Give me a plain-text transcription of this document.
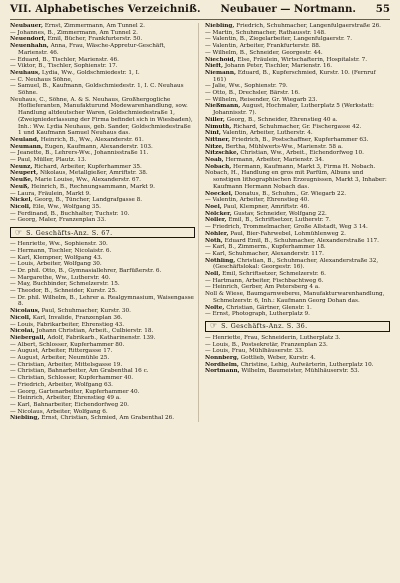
VII. Alphabetisches Verzeichniß. Neubauer — Nortmann. 55

Neubauer, Ernst, Zimmermann, Am Tunnel 2.

— Johannes, B., Zimmermann, Am Tunnel 2.

Neuendorf, Emil, Bücher, Frankfurterstr. 50.

Neuenhahn, Anna, Frau, Wäsche-Appretur-Geschäft, Marienstr. 46.

— Eduard, B., Tischler, Marienstr. 46.

— Viktor, B., Tischler, Sophienstr. 17.

Neuhaus, Lydia, Ww., Goldschmiedestr. 1, I.

— C. Neuhaus Söhne,

— Samuel, B., Kaufmann, Goldschmiedestr. 1, I. C. Neuhaus Söhne.

Neuhaus, C., Söhne, A. & S. Neuhaus, Großhergogliche Hoflieferanten, Manufakturund Modewarenhandlung, sow. Handlung altdeutscher Waren, Goldschmiedestraße 1, (Zweigniederlassung der Firma befindet sich in Wiesbaden), Inh.: Ww. Lydia Neuhaus, geb. Sander, Goldschmiedestraße 1 und Kaufmann Samuel Neuhaus das.

Neuland, Heinrich, B., Ww., Alexanderstr. 61.

Neumann, Eugen, Kaufmann, Alexanderstr. 103.

— Jeanette, B., Lehrers-Ww., Johannisstraße 11.

— Paul, Müller, Plautz. 13.

Neunz, Richard, Arbeiter, Kupferhammer 35.

Neupert, Nikolaus, Metallgießer, Amriftstr. 38.

Neuße, Marie Louise, Ww., Alexanderstr. 67.

Neuß, Heinrich, B., Rechnungsammann, Markt 9.

— Laura, Fräulein, Markt 9.

Nickel, Georg, B., Tüncher, Landgrafgasse 8.

Nicoll, Eile, Ww., Wolfgang 35.

— Ferdinand, B., Buchhalter, Tuchstr. 10.

— Georg, Maler, Franzenplan 33.

☞ S. Geschäfts-Anz. S. 67.

— Henriette, Ww., Sophienstr. 30.

— Hermann, Tischler, Nicolaistr. 6.

— Karl, Klempner, Wolfgang 43.

— Louis, Arbeiter, Wolfgang 30.

— Dr. phil. Otto, B., Gymnasiallehrer, Barfüßerstr. 6.

— Margarethe, Ww., Lutherstr. 40.

— May, Buchbinder, Schmelzerstr. 15.

— Theodor, B., Schneider, Kurstr. 25.

— Dr. phil. Wilhelm, B., Lehrer a. Realgymnasium, Waisengasse 8.

Nicolaus, Paul, Schuhmacher, Kurstr. 30.

Nicoll, Karl, Invalide, Franzenplan 36.

— Louis, Fabrikarbeiter, Ehrenstieg 43.

Nicolai, Johann Christian, Arbeit., Culbierstr. 18.

Niebergall, Adolf, Fabrikarb., Katharinenstr. 139.

— Albert, Schlosser, Kupferhammer 80.

— August, Arbeiter, Rittergasse 17.

— August, Arbeiter, Neumühle 25.

— Christian, Arbeiter, Mittelsgasse 19.

— Christian, Bahnarbeiter, Am Grabenthal 16 c.

— Christian, Schlosser, Kupferhammer 40.

— Friedrich, Arbeiter, Wolfgang 63.

— Georg, Gartenarbeiter, Kupferhammer 40.

— Heinrich, Arbeiter, Ehrenstieg 49 a.

— Karl, Bahnarbeiter, Eichendorfweg 20.

— Nicolaus, Arbeiter, Wolfgang 6.

Niebling, Ernst, Christian, Schmied, Am Grabenthal 26.

Niebling, Friedrich, Schuhmacher, Langenfulgaerstraße 26.

— Martin, Schuhmacher, Rathausstr. 148.

— Valentin, B., Ziegelarbeiter, Langenfulgaerstr. 7.

— Valentin, Arbeiter, Frankfurterstr. 88.

— Wilhelm, B., Schneider, Georgestr. 44.

Niechoid, Else, Fräulein, Wirtschafterin, Hospitalstr. 7.

Nieft, Johann Peter, Tischler, Marienstr. 16.

Niemann, Eduard, B., Kupferschmied, Kurstr. 10. (Fernruf 161)

— Jalie, Ww., Sophienstr. 79.

— Otto, B., Drechsler, Bärstr. 16.

— Wilhelm, Reisender, Gr. Wiegarb 23.

Nießmann, August, Hochmaler, Lutherplatz 5 (Werkstatt: Johannisstr. 7).

Niller, Georg, B., Schneider, Ehrenstieg 40 a.

Nimuth, Richard, Schuhmacher, Gr. Fischergasse 42.

Ninf, Valentin, Arbeiter, Lutherstr. 4.

Nittner, Friedrich, B., Postschaffner, Kupferhammer 63.

Nitze, Bertha, Mühlwerts-Ww., Marienstr. 58 a.

Nitzschke, Christian, Ww., Arbeit., Eichendorfweg 10.

Noab, Hermann, Arbeiter, Marienstr. 34.

Nobach, Hermann, Kaufmann, Markt 3, Firma H. Nobach.

Nobach, H., Handlung en gros mit Parfüm, Albuns und sonstigen lithographischen Erzeugnissen, Markt 3, Inhaber: Kaufmann Hermann Nobach das.

Noeckel, Donatus, B., Schuhm., Gr. Wiegarb 22.

— Valentin, Arbeiter, Ehrenstieg 40.

Noel, Paul, Klempner, Amriftstr. 46.

Nölcker, Gustav, Schneider, Wolfgang 22.

Nöller, Emil, B., Schriftsetzer, Lutherstr. 7.

— Friedrich, Trommelmacher, Große Allstadt, Weg 3 14.

Nöhler, Paul, Bier-Fahrwebel, Lohmühlenweg 2.

Nöth, Eduard Emil, B., Schuhmacher, Alexanderstraße 117.

— Karl, B., Zimmerm., Kupferhammer 18.

— Karl, Schuhmacher, Alexanderstr. 117.

Nöthling, Christian, B., Schuhmacher, Alexanderstraße 32, (Geschäftslokal: Georgestr. 16).

Noll, Emil, Schriftsetzer, Schmelzerstr. 6.

— Hartmann, Arbeiter, Fischbachtweg 6.

— Heinrich, Gerber, Am Petersberg 4 a.

Noll & Wiese, Baumgarnwebereı, Manufakturwarenhandlung, Schmelzerstr. 6, Inh.: Kaufmann Georg Dohan das.

Nolte, Christian, Gärtner, Glenstr. 1.

— Ernst, Photograph, Lutherplatz 9.

☞ S. Geschäfts-Anz. S. 36.

— Henriette, Frau, Schneiderin, Lutherplatz 3.

— Louis, B., Postsekretär, Franzenplan 23.

— Louis, Frau, Mühlhäuserstr. 33.

Nonnberg, Gottlieb, Weber, Kurstr. 4.

Nordhelm, Christine, Lehig, Aufwärterin, Lutherplatz 10.

Nortmann, Wilhelm, Baumeister, Mühlhäuserstr. 53.
